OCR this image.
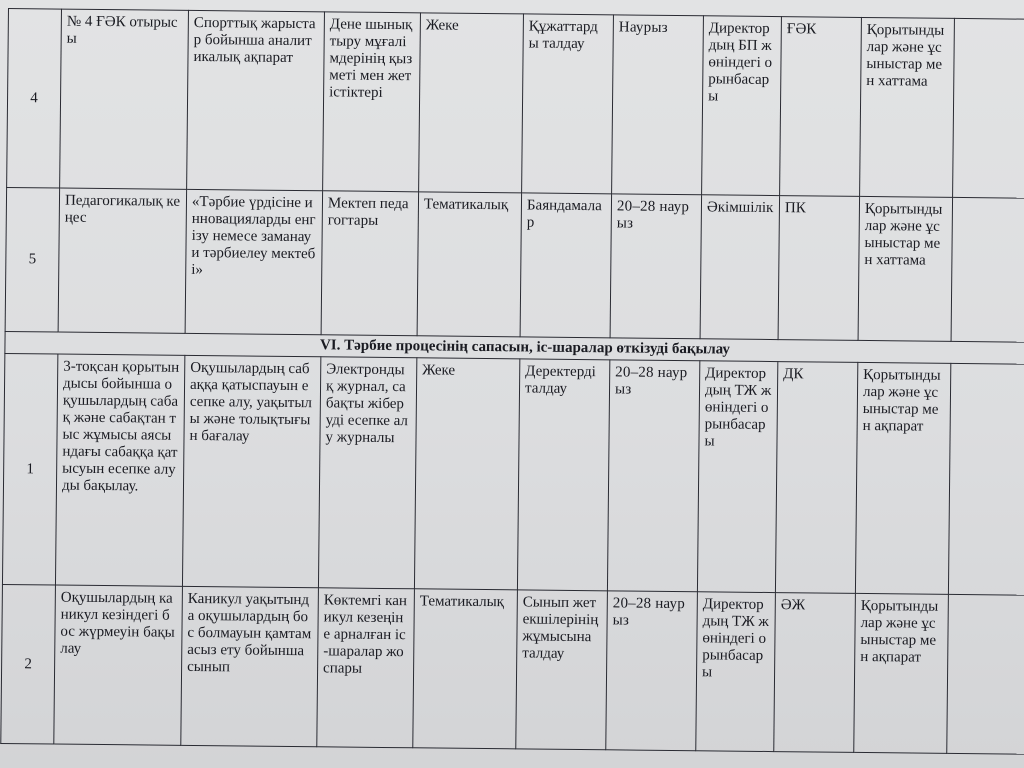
4	№ 4 ҒӘК отырысы	Спорттық жарыстар бойынша аналитикалық ақпарат	Дене шынықтыру мұғалімдерінің қызметі мен жетістіктері	Жеке	Құжаттарды талдау	Наурыз	Директордың БП жөніндегі орынбасары	ҒӘК	Қорытындылар және ұсыныстар мен хаттама	
5	Педагогикалық кеңес	«Тәрбие үрдісіне инновацияларды енгізу немесе заманауи тәрбиелеу мектебі»	Мектеп педагогтары	Тематикалық	Баяндамалар	20–28 наурыз	Әкімшілік	ПК	Қорытындылар және ұсыныстар мен хаттама	
VI. Тәрбие процесінің сапасын, іс-шаралар өткізуді бақылау										
1	3-тоқсан қорытындысы бойынша оқушылардың сабақ және сабақтан тыс жұмысы аясындағы сабаққа қатысуын есепке алуды бақылау.	Оқушылардың сабаққа қатыспауын есепке алу, уақытылы және толықтығын бағалау	Электрондық журнал, сабақты жіберуді есепке алу журналы	Жеке	Деректерді талдау	20–28 наурыз	Директордың ТЖ жөніндегі орынбасары	ДК	Қорытындылар және ұсыныстар мен ақпарат	
2	Оқушылардың каникул кезіндегі бос жүрмеуін бақылау	Каникул уақытында оқушылардың бос болмауын қамтамасыз ету бойынша сынып	Көктемгі каникул кезеңіне арналған іс-шаралар жоспары	Тематикалық	Сынып жетекшілерінің жұмысына талдау	20–28 наурыз	Директордың ТЖ жөніндегі орынбасары	ӘЖ	Қорытындылар және ұсыныстар мен ақпарат	
